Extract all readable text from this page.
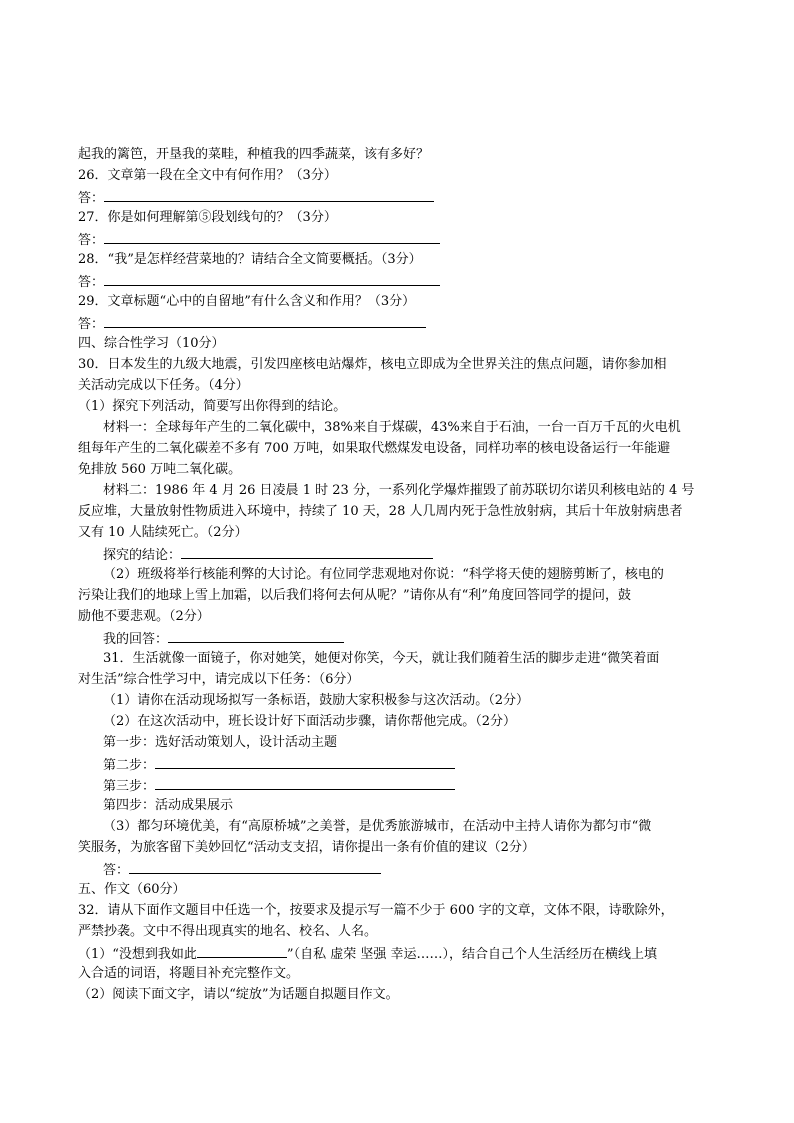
起我的篱笆，开垦我的菜畦，种植我的四季蔬菜，该有多好？
26．文章第一段在全文中有何作用？（3分）
答：
27．你是如何理解第⑤段划线句的？（3分）
答：
28．“我”是怎样经营菜地的？请结合全文简要概括。（3分）
答：
29．文章标题“心中的自留地”有什么含义和作用？（3分）
答：
四、综合性学习（10分）
30．日本发生的九级大地震，引发四座核电站爆炸，核电立即成为全世界关注的焦点问题，请你参加相
关活动完成以下任务。（4分）
（1）探究下列活动，简要写出你得到的结论。
材料一：全球每年产生的二氧化碳中，38%来自于煤碳，43%来自于石油，一台一百万千瓦的火电机
组每年产生的二氧化碳差不多有 700 万吨，如果取代燃煤发电设备，同样功率的核电设备运行一年能避
免排放 560 万吨二氧化碳。
材料二：1986 年 4 月 26 日凌晨 1 时 23 分，一系列化学爆炸摧毁了前苏联切尔诺贝利核电站的 4 号
反应堆，大量放射性物质进入环境中，持续了 10 天，28 人几周内死于急性放射病，其后十年放射病患者
又有 10 人陆续死亡。（2分）
探究的结论：
（2）班级将举行核能利弊的大讨论。有位同学悲观地对你说：“科学将天使的翅膀剪断了，核电的
污染让我们的地球上雪上加霜，以后我们将何去何从呢？”请你从有“利”角度回答同学的提问，鼓
励他不要悲观。（2分）
我的回答：
31．生活就像一面镜子，你对她笑，她便对你笑，今天，就让我们随着生活的脚步走进“微笑着面
对生活”综合性学习中，请完成以下任务：（6分）
（1）请你在活动现场拟写一条标语，鼓励大家积极参与这次活动。（2分）
（2）在这次活动中，班长设计好下面活动步骤，请你帮他完成。（2分）
第一步：选好活动策划人，设计活动主题
第二步：
第三步：
第四步：活动成果展示
（3）都匀环境优美，有“高原桥城”之美誉，是优秀旅游城市，在活动中主持人请你为都匀市“微
笑服务，为旅客留下美妙回忆“活动支支招，请你提出一条有价值的建议（2分）
答：
五、作文（60分）
32．请从下面作文题目中任选一个，按要求及提示写一篇不少于 600 字的文章，文体不限，诗歌除外，
严禁抄袭。文中不得出现真实的地名、校名、人名。
（1）“没想到我如此	”（自私 虚荣 坚强 幸运……），结合自己个人生活经历在横线上填
入合适的词语，将题目补充完整作文。
（2）阅读下面文字，请以“绽放”为话题自拟题目作文。
